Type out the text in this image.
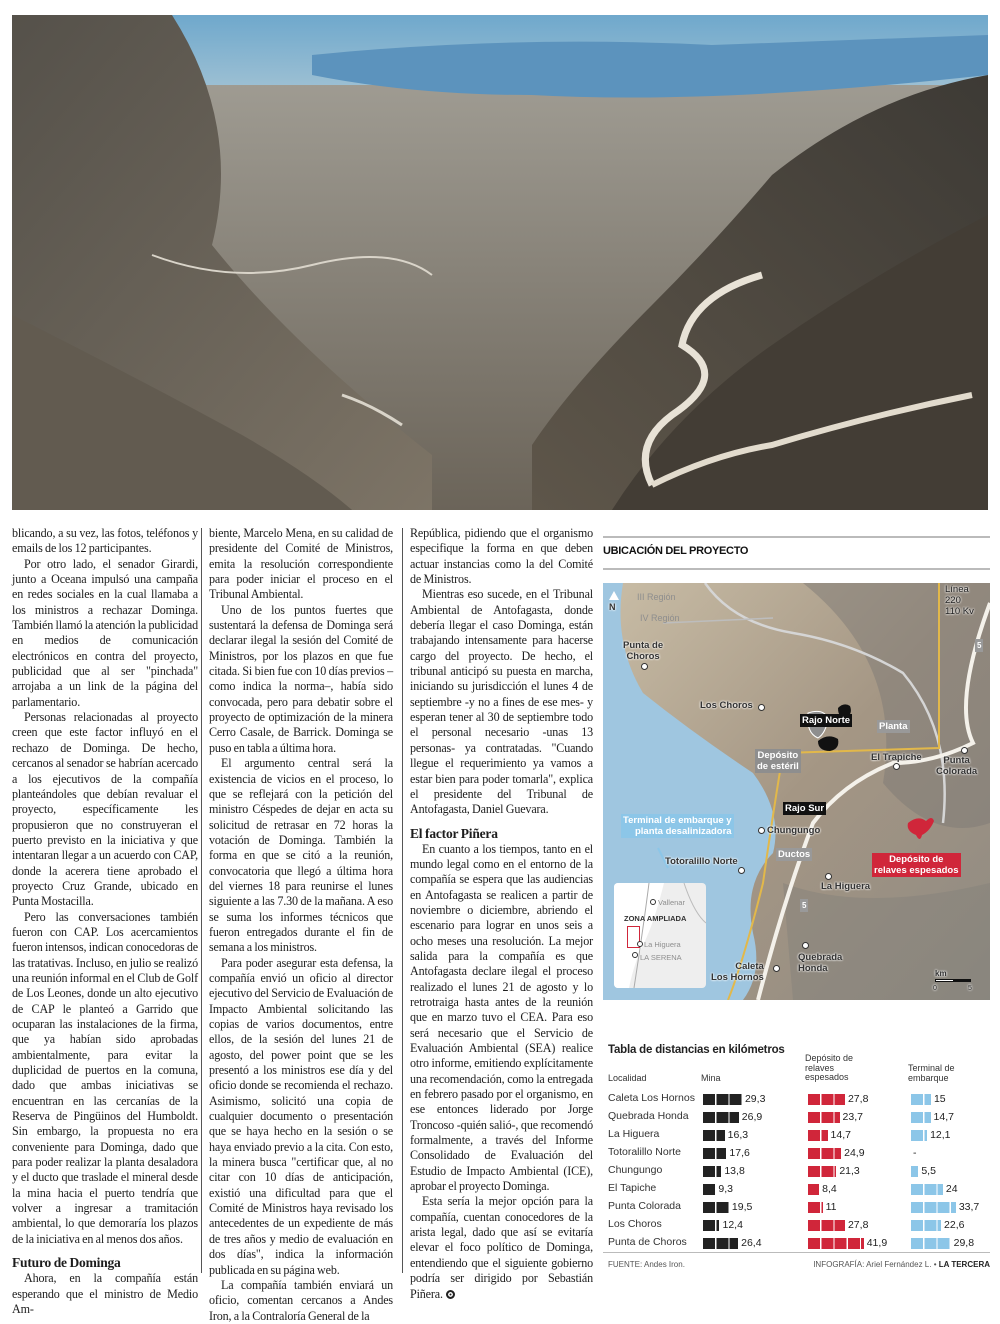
blicando, a su vez, las fotos, teléfonos y emails de los 12 participantes.

Por otro lado, el senador Girardi, junto a Oceana impulsó una campaña en redes sociales en la cual llamaba a los ministros a rechazar Dominga. También llamó la atención la publicidad en medios de comunicación electrónicos en contra del proyecto, publicidad que al ser "pinchada" arrojaba a un link de la página del parlamentario.

Personas relacionadas al proyecto creen que este factor influyó en el rechazo de Dominga. De hecho, cercanos al senador se habrían acercado a los ejecutivos de la compañía planteándoles que debían revaluar el proyecto, específicamente les propusieron que no construyeran el puerto previsto en la iniciativa y que intentaran llegar a un acuerdo con CAP, donde la acerera tiene aprobado el proyecto Cruz Grande, ubicado en Punta Mostacilla.

Pero las conversaciones también fueron con CAP. Los acercamientos fueron intensos, indican conocedoras de las tratativas. Incluso, en julio se realizó una reunión informal en el Club de Golf de Los Leones, donde un alto ejecutivo de CAP le planteó a Garrido que ocuparan las instalaciones de la firma, que ya habían sido aprobadas ambientalmente, para evitar la duplicidad de puertos en la comuna, dado que ambas iniciativas se encuentran en las cercanías de la Reserva de Pingüinos del Humboldt. Sin embargo, la propuesta no era conveniente para Dominga, dado que para poder realizar la planta desaladora y el ducto que traslade el mineral desde la mina hacia el puerto tendría que volver a ingresar a tramitación ambiental, lo que demoraría los plazos de la iniciativa en al menos dos años.

Futuro de Dominga

Ahora, en la compañía están esperando que el ministro de Medio Am-

biente, Marcelo Mena, en su calidad de presidente del Comité de Ministros, emita la resolución correspondiente para poder iniciar el proceso en el Tribunal Ambiental.

Uno de los puntos fuertes que sustentará la defensa de Dominga será declarar ilegal la sesión del Comité de Ministros, por los plazos en que fue citada. Si bien fue con 10 días previos –como indica la norma–, había sido convocada, pero para debatir sobre el proyecto de optimización de la minera Cerro Casale, de Barrick. Dominga se puso en tabla a última hora.

El argumento central será la existencia de vicios en el proceso, lo que se reflejará con la petición del ministro Céspedes de dejar en acta su solicitud de retrasar en 72 horas la votación de Dominga. También la forma en que se citó a la reunión, convocatoria que llegó a última hora del viernes 18 para reunirse el lunes siguiente a las 7.30 de la mañana. A eso se suma los informes técnicos que fueron entregados durante el fin de semana a los ministros.

Para poder asegurar esta defensa, la compañía envió un oficio al director ejecutivo del Servicio de Evaluación de Impacto Ambiental solicitando las copias de varios documentos, entre ellos, de la sesión del lunes 21 de agosto, del power point que se les presentó a los ministros ese día y del oficio donde se recomienda el rechazo. Asimismo, solicitó una copia de cualquier documento o presentación que se haya hecho en la sesión o se haya enviado previo a la cita. Con esto, la minera busca "certificar que, al no citar con 10 días de anticipación, existió una dificultad para que el Comité de Ministros haya revisado los antecedentes de un expediente de más de tres años y medio de evaluación en dos días", indica la información publicada en su página web.

La compañía también enviará un oficio, comentan cercanos a Andes Iron, a la Contraloría General de la

República, pidiendo que el organismo especifique la forma en que deben actuar instancias como la del Comité de Ministros.

Mientras eso sucede, en el Tribunal Ambiental de Antofagasta, donde debería llegar el caso Dominga, están trabajando intensamente para hacerse cargo del proyecto. De hecho, el tribunal anticipó su puesta en marcha, iniciando su jurisdicción el lunes 4 de septiembre -y no a fines de ese mes- y esperan tener al 30 de septiembre todo el personal necesario -unas 13 personas- ya contratadas. "Cuando llegue el requerimiento ya vamos a estar bien para poder tomarla", explica el presidente del Tribunal de Antofagasta, Daniel Guevara.

El factor Piñera

En cuanto a los tiempos, tanto en el mundo legal como en el entorno de la compañía se espera que las audiencias en Antofagasta se realicen a partir de noviembre o diciembre, abriendo el escenario para lograr en unos seis a ocho meses una resolución. La mejor salida para la compañía es que Antofagasta declare ilegal el proceso realizado el lunes 21 de agosto y lo retrotraiga hasta antes de la reunión que en marzo tuvo el CEA. Para eso será necesario que el Servicio de Evaluación Ambiental (SEA) realice otro informe, emitiendo explícitamente una recomendación, como la entregada en febrero pasado por el organismo, en ese entonces liderado por Jorge Troncoso -quién salió-, que recomendó formalmente, a través del Informe Consolidado de Evaluación del Estudio de Impacto Ambiental (ICE), aprobar el proyecto Dominga.

Esta sería la mejor opción para la compañía, cuentan conocedores de la arista legal, dado que así se evitaría elevar el foco político de Dominga, entendiendo que el siguiente gobierno podría ser dirigido por Sebastián Piñera.

UBICACIÓN DEL PROYECTO
N
III Región
IV Región
Línea
220
110 Kv
5
5
Punta de
Choros
Los Choros
Rajo Norte
Planta
Depósito
de estéril
El Trapiche	Punta
Colorada
Rajo Sur
Terminal de embarque y
planta desalinizadora	Chungungo
Ductos
Totoralillo Norte	Depósito de
relaves espesados
La Higuera
Quebrada
Honda
Caleta
Los Hornos
Vallenar
ZONA AMPLIADA
La Higuera
LA SERENA
km
0	5
Tabla de distancias en kilómetros
Localidad	Mina
Depósito de relaves espesados
Terminal de embarque
Caleta Los Hornos	29,3	27,8	15
Quebrada Honda	26,9	23,7	14,7
La Higuera	16,3	14,7	12,1
Totoralillo Norte	17,6	24,9	-
Chungungo	13,8	21,3	5,5
El Tapiche	9,3	8,4	24
Punta Colorada	19,5	11	33,7
Los Choros	12,4	27,8	22,6
Punta de Choros	26,4	41,9	29,8
FUENTE: Andes Iron.	INFOGRAFÍA: Ariel Fernández L. • LA TERCERA
